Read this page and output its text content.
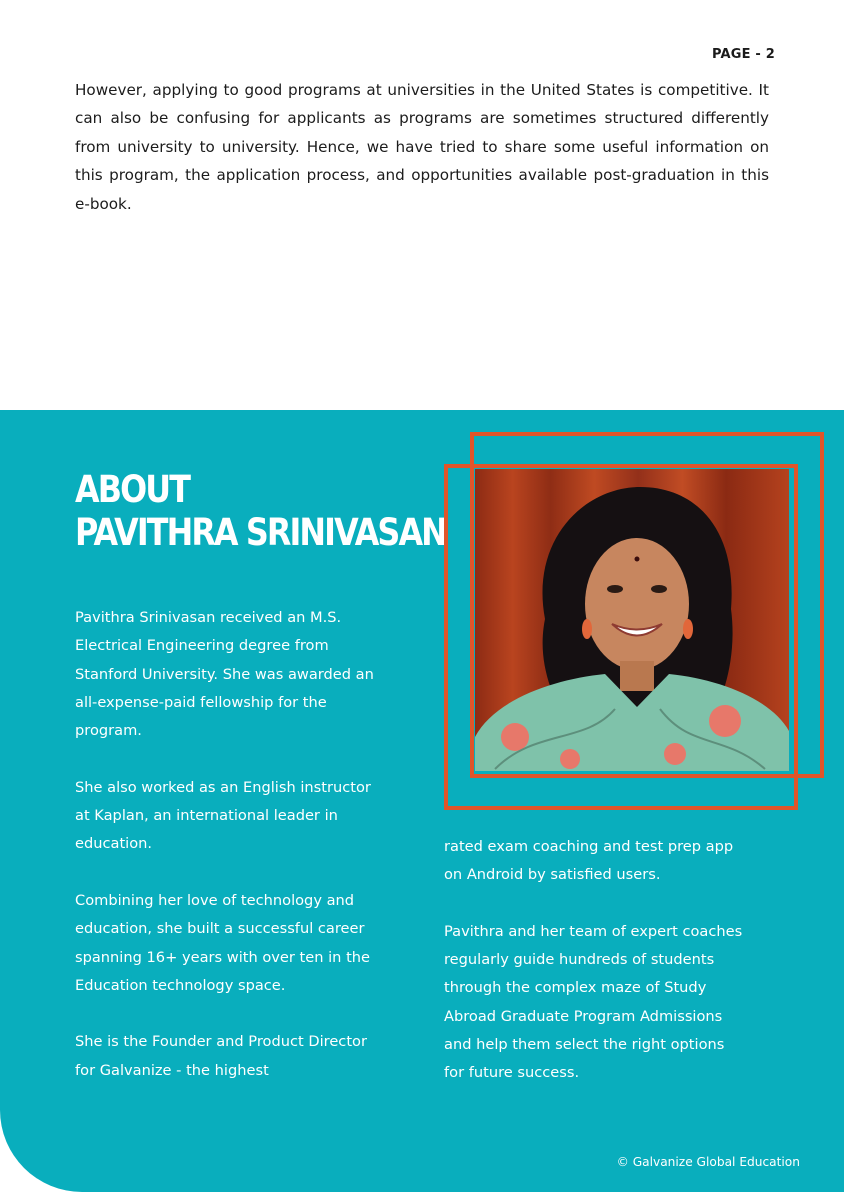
PAGE - 2

However, applying to good programs at universities in the United States is competitive. It can also be confusing for applicants as programs are sometimes structured differently from university to university. Hence, we have tried to share some useful information on this program, the application process, and opportunities available post-graduation in this e-book.

ABOUT
PAVITHRA SRINIVASAN

Pavithra Srinivasan received an M.S. Electrical Engineering degree from Stanford University. She was awarded an all-expense-paid fellowship for the program.

She also worked as an English instructor at Kaplan, an international leader in education.

Combining her love of technology and education, she built a successful career spanning 16+ years with over ten in the Education technology space.

She is the Founder and Product Director for Galvanize - the highest

rated exam coaching and test prep app on Android by satisfied users.

Pavithra and her team of expert coaches regularly guide hundreds of students through the complex maze of Study Abroad Graduate Program Admissions and help them select the right options for future success.

© Galvanize Global Education
